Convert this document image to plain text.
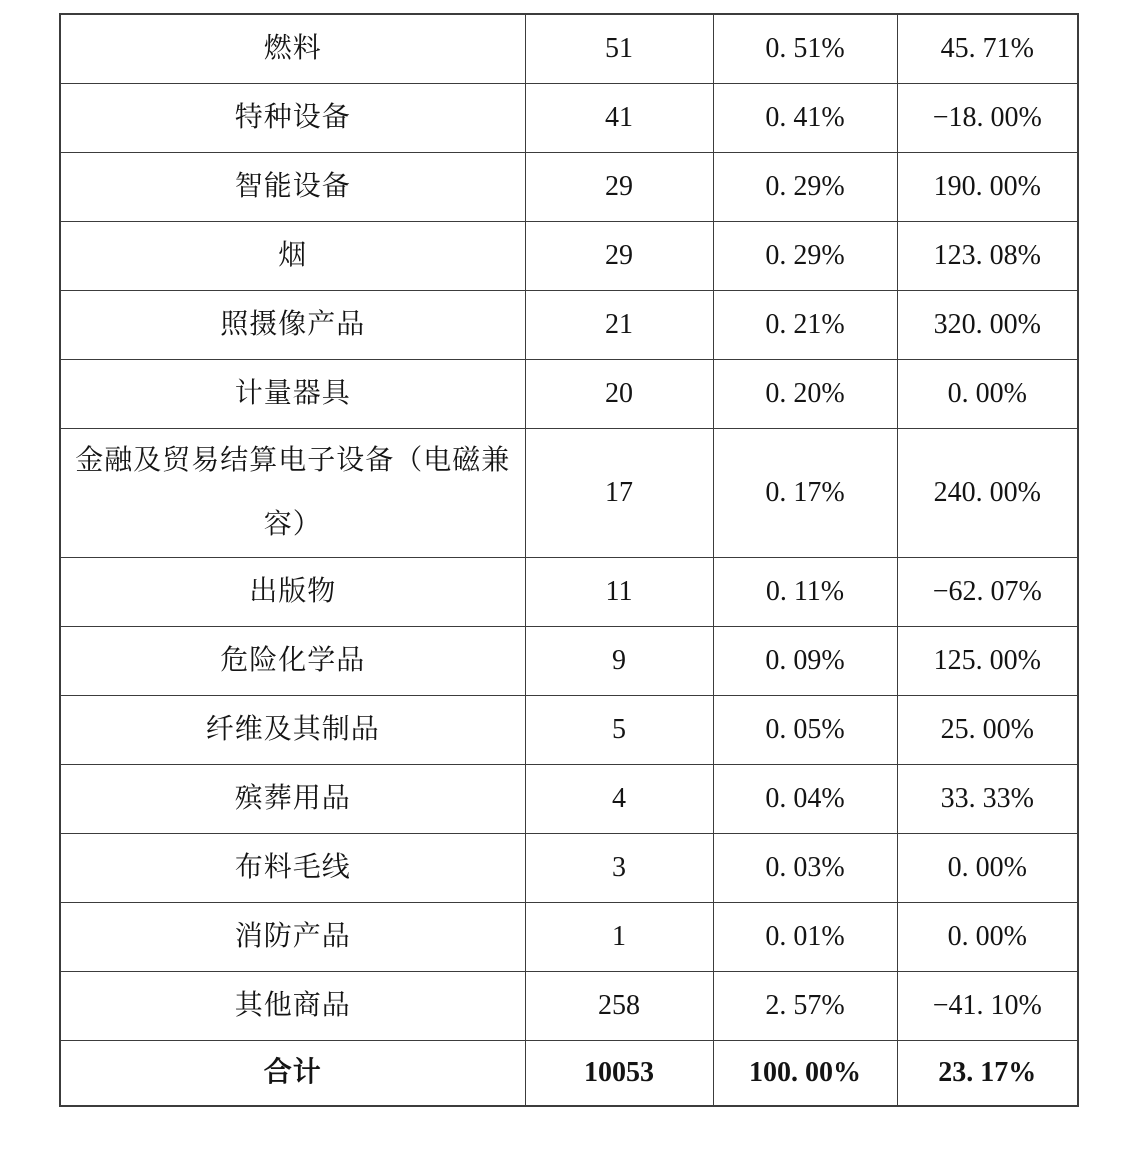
燃料	51	0. 51%	45. 71%
特种设备	41	0. 41%	−18. 00%
智能设备	29	0. 29%	190. 00%
烟	29	0. 29%	123. 08%
照摄像产品	21	0. 21%	320. 00%
计量器具	20	0. 20%	0. 00%
金融及贸易结算电子设备（电磁兼容）	17	0. 17%	240. 00%
出版物	11	0. 11%	−62. 07%
危险化学品	9	0. 09%	125. 00%
纤维及其制品	5	0. 05%	25. 00%
殡葬用品	4	0. 04%	33. 33%
布料毛线	3	0. 03%	0. 00%
消防产品	1	0. 01%	0. 00%
其他商品	258	2. 57%	−41. 10%
合计	10053	100. 00%	23. 17%
